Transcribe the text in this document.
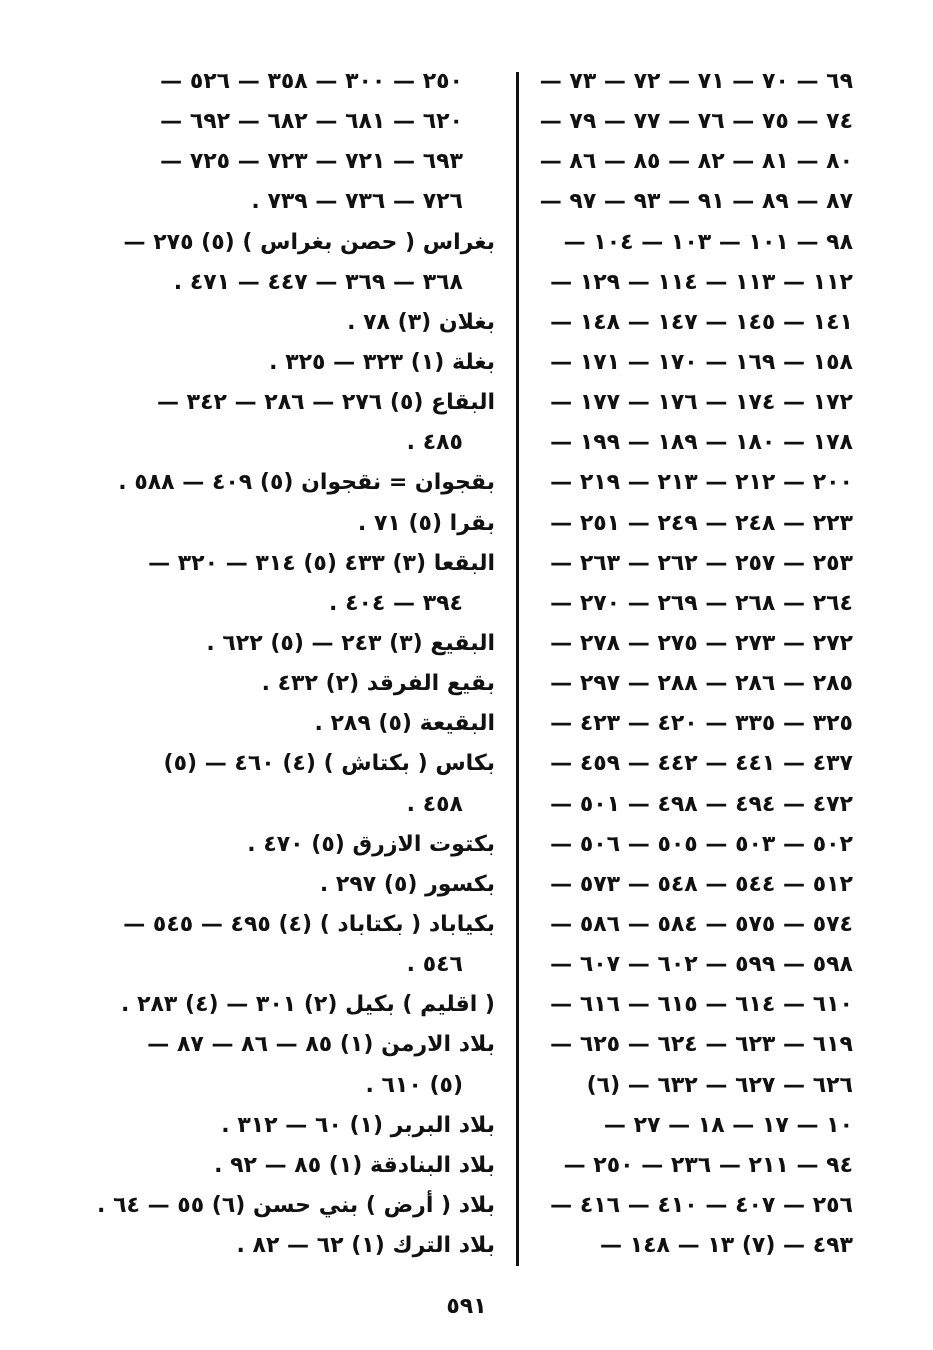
٦٩ — ٧٠ — ٧١ — ٧٢ — ٧٣ —
٧٤ — ٧٥ — ٧٦ — ٧٧ — ٧٩ —
٨٠ — ٨١ — ٨٢ — ٨٥ — ٨٦ —
٨٧ — ٨٩ — ٩١ — ٩٣ — ٩٧ —
٩٨ — ١٠١ — ١٠٣ — ١٠٤ —
١١٢ — ١١٣ — ١١٤ — ١٢٩ —
١٤١ — ١٤٥ — ١٤٧ — ١٤٨ —
١٥٨ — ١٦٩ — ١٧٠ — ١٧١ —
١٧٢ — ١٧٤ — ١٧٦ — ١٧٧ —
١٧٨ — ١٨٠ — ١٨٩ — ١٩٩ —
٢٠٠ — ٢١٢ — ٢١٣ — ٢١٩ —
٢٢٣ — ٢٤٨ — ٢٤٩ — ٢٥١ —
٢٥٣ — ٢٥٧ — ٢٦٢ — ٢٦٣ —
٢٦٤ — ٢٦٨ — ٢٦٩ — ٢٧٠ —
٢٧٢ — ٢٧٣ — ٢٧٥ — ٢٧٨ —
٢٨٥ — ٢٨٦ — ٢٨٨ — ٢٩٧ —
٣٢٥ — ٣٣٥ — ٤٢٠ — ٤٢٣ —
٤٣٧ — ٤٤١ — ٤٤٢ — ٤٥٩ —
٤٧٢ — ٤٩٤ — ٤٩٨ — ٥٠١ —
٥٠٢ — ٥٠٣ — ٥٠٥ — ٥٠٦ —
٥١٢ — ٥٤٤ — ٥٤٨ — ٥٧٣ —
٥٧٤ — ٥٧٥ — ٥٨٤ — ٥٨٦ —
٥٩٨ — ٥٩٩ — ٦٠٢ — ٦٠٧ —
٦١٠ — ٦١٤ — ٦١٥ — ٦١٦ —
٦١٩ — ٦٢٣ — ٦٢٤ — ٦٢٥ —
٦٢٦ — ٦٢٧ — ٦٣٢ — (٦)
١٠ — ١٧ — ١٨ — ٢٧ —
٩٤ — ٢١١ — ٢٣٦ — ٢٥٠ —
٢٥٦ — ٤٠٧ — ٤١٠ — ٤١٦ —
٤٩٣ — (٧) ١٣ — ١٤٨ —
٢٥٠ — ٣٠٠ — ٣٥٨ — ٥٢٦ —
٦٢٠ — ٦٨١ — ٦٨٢ — ٦٩٢ —
٦٩٣ — ٧٢١ — ٧٢٣ — ٧٢٥ —
٧٢٦ — ٧٣٦ — ٧٣٩ .
بغراس ( حصن بغراس ) (٥) ٢٧٥ —
٣٦٨ — ٣٦٩ — ٤٤٧ — ٤٧١ .
بغلان (٣) ٧٨ .
بغلة (١) ٣٢٣ — ٣٢٥ .
البقاع (٥) ٢٧٦ — ٢٨٦ — ٣٤٢ —
٤٨٥ .
بقجوان = نقجوان (٥) ٤٠٩ — ٥٨٨ .
بقرا (٥) ٧١ .
البقعا (٣) ٤٣٣ (٥) ٣١٤ — ٣٢٠ —
٣٩٤ — ٤٠٤ .
البقيع (٣) ٢٤٣ — (٥) ٦٢٢ .
بقيع الفرقد (٢) ٤٣٢ .
البقيعة (٥) ٢٨٩ .
بكاس ( بكتاش ) (٤) ٤٦٠ — (٥)
٤٥٨ .
بكتوت الازرق (٥) ٤٧٠ .
بكسور (٥) ٢٩٧ .
بكياباد ( بكتاباد ) (٤) ٤٩٥ — ٥٤٥ —
٥٤٦ .
( اقليم ) بكيل (٢) ٣٠١ — (٤) ٢٨٣ .
بلاد الارمن (١) ٨٥ — ٨٦ — ٨٧ —
(٥) ٦١٠ .
بلاد البربر (١) ٦٠ — ٣١٢ .
بلاد البنادقة (١) ٨٥ — ٩٢ .
بلاد ( أرض ) بني حسن (٦) ٥٥ — ٦٤ .
بلاد الترك (١) ٦٢ — ٨٢ .
٥٩١
